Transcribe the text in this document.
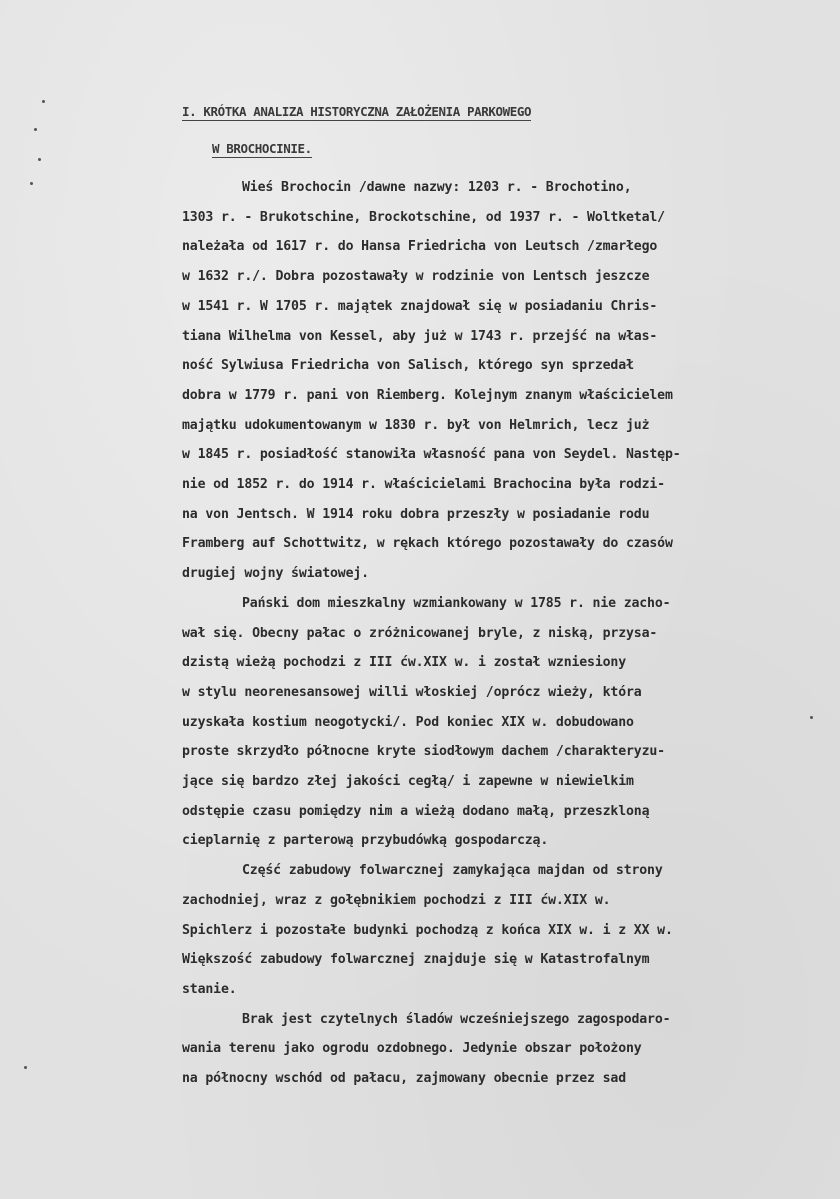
I. KRÓTKA ANALIZA HISTORYCZNA ZAŁOŻENIA PARKOWEGO
W BROCHOCINIE.
Wieś Brochocin /dawne nazwy: 1203 r. - Brochotino,
1303 r. - Brukotschine, Brockotschine, od 1937 r. - Woltketal/
należała od 1617 r. do Hansa Friedricha von Leutsch /zmarłego
w 1632 r./. Dobra pozostawały w rodzinie von Lentsch jeszcze
w 1541 r. W 1705 r. majątek znajdował się w posiadaniu Chris-
tiana Wilhelma von Kessel, aby już w 1743 r. przejść na włas-
ność Sylwiusa Friedricha von Salisch, którego syn sprzedał
dobra w 1779 r. pani von Riemberg. Kolejnym znanym właścicielem
majątku udokumentowanym w 1830 r. był von Helmrich, lecz już
w 1845 r. posiadłość stanowiła własność pana von Seydel. Następ-
nie od 1852 r. do 1914 r. właścicielami Brachocina była rodzi-
na von Jentsch. W 1914 roku dobra przeszły w posiadanie rodu
Framberg auf Schottwitz, w rękach którego pozostawały do czasów
drugiej wojny światowej.
Pański dom mieszkalny wzmiankowany w 1785 r. nie zacho-
wał się. Obecny pałac o zróżnicowanej bryle, z niską, przysa-
dzistą wieżą pochodzi z III ćw.XIX w. i został wzniesiony
w stylu neorenesansowej willi włoskiej /oprócz wieży, która
uzyskała kostium neogotycki/. Pod koniec XIX w. dobudowano
proste skrzydło północne kryte siodłowym dachem /charakteryzu-
jące się bardzo złej jakości cegłą/ i zapewne w niewielkim
odstępie czasu pomiędzy nim a wieżą dodano małą, przeszkloną
cieplarnię z parterową przybudówką gospodarczą.
Część zabudowy folwarcznej zamykająca majdan od strony
zachodniej, wraz z gołębnikiem pochodzi z III ćw.XIX w.
Spichlerz i pozostałe budynki pochodzą z końca XIX w. i z XX w.
Większość zabudowy folwarcznej znajduje się w Katastrofalnym
stanie.
Brak jest czytelnych śladów wcześniejszego zagospodaro-
wania terenu jako ogrodu ozdobnego. Jedynie obszar położony
na północny wschód od pałacu, zajmowany obecnie przez sad
